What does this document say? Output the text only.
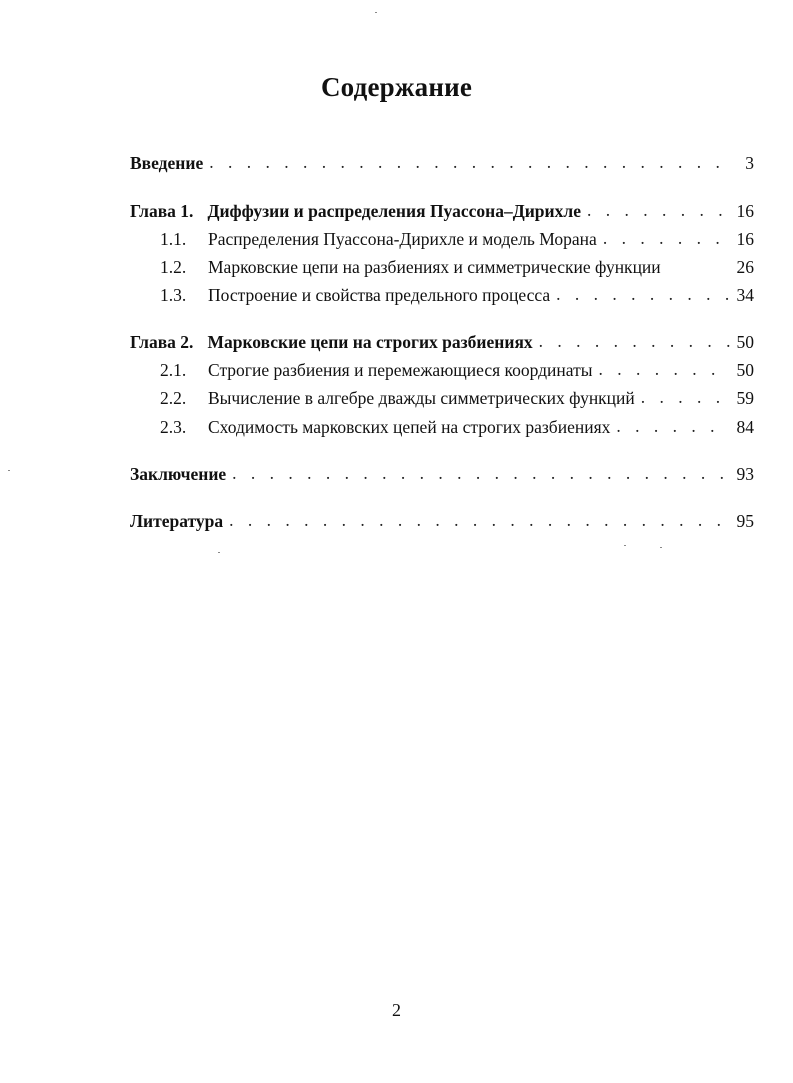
Содержание
Введение . . .	3
Глава 1. Диффузии и распределения Пуассона–Дирихле . . .	16
1.1. Распределения Пуассона-Дирихле и модель Морана . . .	16
1.2. Марковские цепи на разбиениях и симметрические функции	26
1.3. Построение и свойства предельного процесса . . .	34
Глава 2. Марковские цепи на строгих разбиениях . . .	50
2.1. Строгие разбиения и перемежающиеся координаты . . .	50
2.2. Вычисление в алгебре дважды симметрических функций . . .	59
2.3. Сходимость марковских цепей на строгих разбиениях . . .	84
Заключение . . .	93
Литература . . .	95
2
